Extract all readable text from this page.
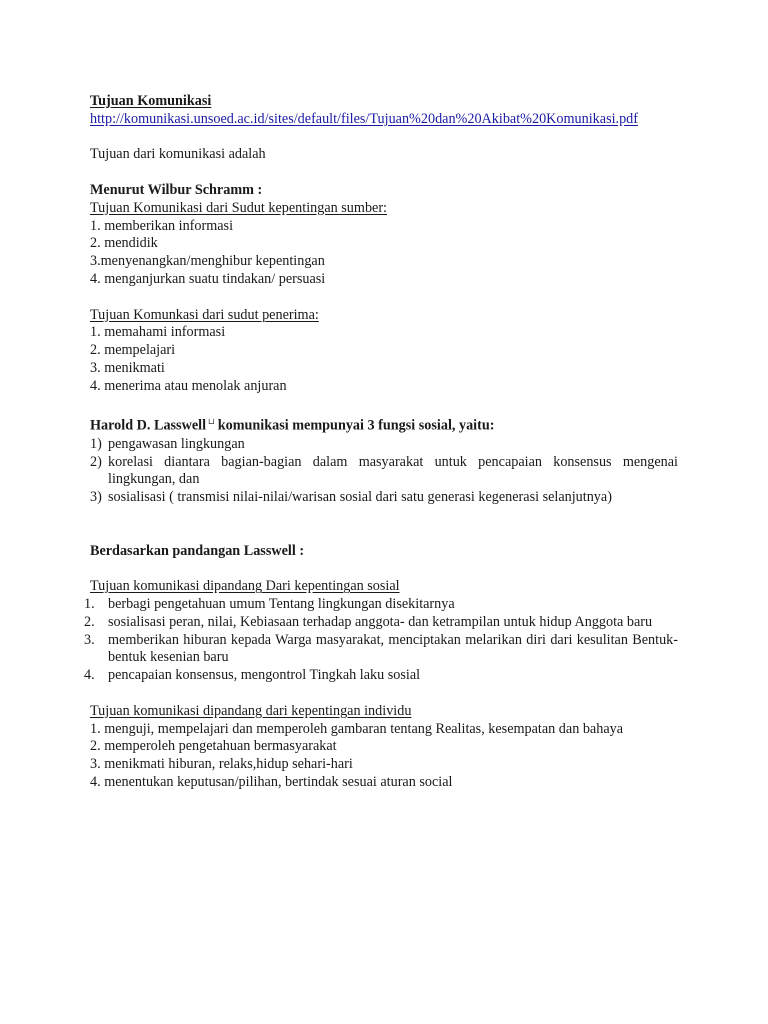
Tujuan Komunikasi
http://komunikasi.unsoed.ac.id/sites/default/files/Tujuan%20dan%20Akibat%20Komunikasi.pdf
Tujuan dari komunikasi adalah
Menurut Wilbur Schramm :
Tujuan Komunikasi dari Sudut kepentingan sumber:
1. memberikan informasi
2. mendidik
3.menyenangkan/menghibur kepentingan
4. menganjurkan suatu tindakan/ persuasi
Tujuan Komunkasi dari sudut penerima:
1. memahami informasi
2. mempelajari
3. menikmati
4. menerima atau menolak anjuran
Harold D. Lasswell ⊔ komunikasi mempunyai 3 fungsi sosial, yaitu:
1) pengawasan lingkungan
2) korelasi diantara bagian-bagian dalam masyarakat untuk pencapaian konsensus mengenai lingkungan, dan
3) sosialisasi ( transmisi nilai-nilai/warisan sosial dari satu generasi kegenerasi selanjutnya)
Berdasarkan pandangan Lasswell :
Tujuan komunikasi dipandang Dari kepentingan sosial
1. berbagi pengetahuan umum Tentang lingkungan disekitarnya
2. sosialisasi peran, nilai, Kebiasaan terhadap anggota- dan ketrampilan untuk hidup Anggota baru
3. memberikan hiburan kepada Warga masyarakat, menciptakan melarikan diri dari kesulitan Bentuk-bentuk kesenian baru
4. pencapaian konsensus, mengontrol Tingkah laku sosial
Tujuan komunikasi dipandang dari kepentingan individu
1. menguji, mempelajari dan memperoleh gambaran tentang Realitas, kesempatan dan bahaya
2. memperoleh pengetahuan bermasyarakat
3. menikmati hiburan, relaks,hidup sehari-hari
4. menentukan keputusan/pilihan, bertindak sesuai aturan social
